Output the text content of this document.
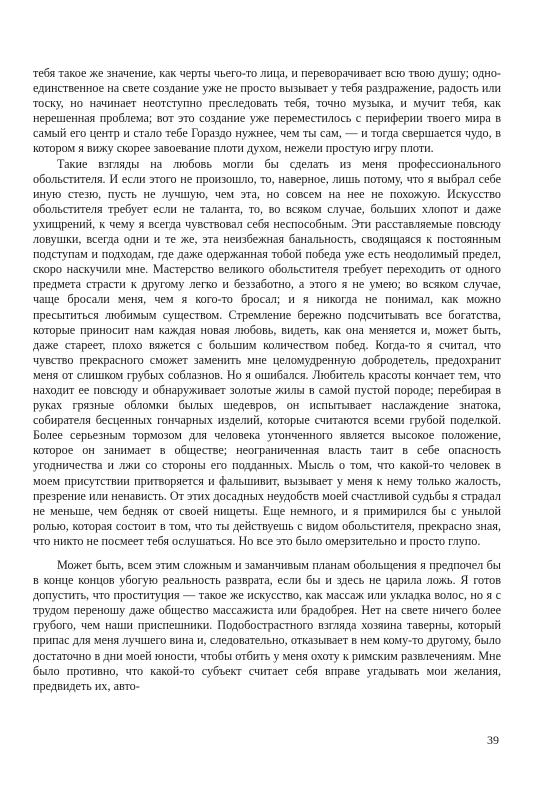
тебя такое же значение, как черты чьего-то лица, и переворачивает всю твою душу; одно-единственное на свете создание уже не просто вызывает у тебя раздражение, радость или тоску, но начинает неотступно преследовать тебя, точно музыка, и мучит тебя, как нерешенная проблема; вот это создание уже переместилось с периферии твоего мира в самый его центр и стало тебе Гораздо нужнее, чем ты сам, — и тогда свершается чудо, в котором я вижу скорее завоевание плоти духом, нежели простую игру плоти.

Такие взгляды на любовь могли бы сделать из меня профессионального обольстителя. И если этого не произошло, то, наверное, лишь потому, что я выбрал себе иную стезю, пусть не лучшую, чем эта, но совсем на нее не похожую. Искусство обольстителя требует если не таланта, то, во всяком случае, больших хлопот и даже ухищрений, к чему я всегда чувствовал себя неспособным. Эти расставляемые повсюду ловушки, всегда одни и те же, эта неизбежная банальность, сводящаяся к постоянным подступам и подходам, где даже одержанная тобой победа уже есть неодолимый предел, скоро наскучили мне. Мастерство великого обольстителя требует переходить от одного предмета страсти к другому легко и беззаботно, а этого я не умею; во всяком случае, чаще бросали меня, чем я кого-то бросал; и я никогда не понимал, как можно пресытиться любимым существом. Стремление бережно подсчитывать все богатства, которые приносит нам каждая новая любовь, видеть, как она меняется и, может быть, даже стареет, плохо вяжется с большим количеством побед. Когда-то я считал, что чувство прекрасного сможет заменить мне целомудренную добродетель, предохранит меня от слишком грубых соблазнов. Но я ошибался. Любитель красоты кончает тем, что находит ее повсюду и обнаруживает золотые жилы в самой пустой породе; перебирая в руках грязные обломки былых шедевров, он испытывает наслаждение знатока, собирателя бесценных гончарных изделий, которые считаются всеми грубой поделкой. Более серьезным тормозом для человека утонченного является высокое положение, которое он занимает в обществе; неограниченная власть таит в себе опасность угодничества и лжи со стороны его подданных. Мысль о том, что какой-то человек в моем присутствии притворяется и фальшивит, вызывает у меня к нему только жалость, презрение или ненависть. От этих досадных неудобств моей счастливой судьбы я страдал не меньше, чем бедняк от своей нищеты. Еще немного, и я примирился бы с унылой ролью, которая состоит в том, что ты действуешь с видом обольстителя, прекрасно зная, что никто не посмеет тебя ослушаться. Но все это было омерзительно и просто глупо.

Может быть, всем этим сложным и заманчивым планам обольщения я предпочел бы в конце концов убогую реальность разврата, если бы и здесь не царила ложь. Я готов допустить, что проституция — такое же искусство, как массаж или укладка волос, но я с трудом переношу даже общество массажиста или брадобрея. Нет на свете ничего более грубого, чем наши приспешники. Подобострастного взгляда хозяина таверны, который припас для меня лучшего вина и, следовательно, отказывает в нем кому-то другому, было достаточно в дни моей юности, чтобы отбить у меня охоту к римским развлечениям. Мне было противно, что какой-то субъект считает себя вправе угадывать мои желания, предвидеть их, авто-

39
